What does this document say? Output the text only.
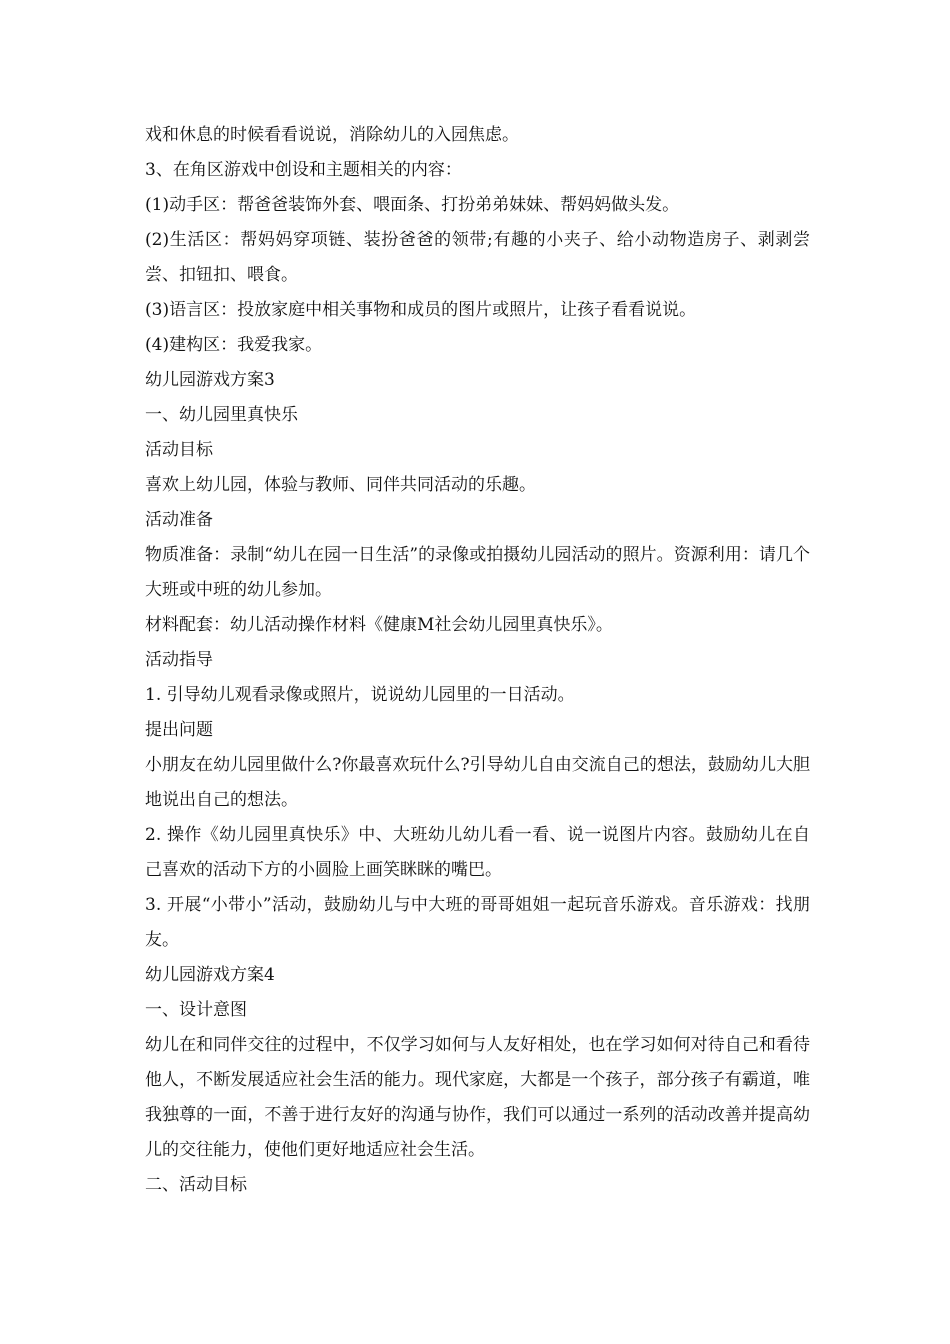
戏和休息的时候看看说说，消除幼儿的入园焦虑。

3、在角区游戏中创设和主题相关的内容：

(1)动手区：帮爸爸装饰外套、喂面条、打扮弟弟妹妹、帮妈妈做头发。

(2)生活区：帮妈妈穿项链、装扮爸爸的领带;有趣的小夹子、给小动物造房子、剥剥尝尝、扣钮扣、喂食。

(3)语言区：投放家庭中相关事物和成员的图片或照片，让孩子看看说说。

(4)建构区：我爱我家。

幼儿园游戏方案3

一、幼儿园里真快乐

活动目标

喜欢上幼儿园，体验与教师、同伴共同活动的乐趣。

活动准备

物质准备：录制“幼儿在园一日生活”的录像或拍摄幼儿园活动的照片。资源利用：请几个大班或中班的幼儿参加。

材料配套：幼儿活动操作材料《健康M社会幼儿园里真快乐》。

活动指导

1. 引导幼儿观看录像或照片，说说幼儿园里的一日活动。

提出问题

小朋友在幼儿园里做什么?你最喜欢玩什么?引导幼儿自由交流自己的想法，鼓励幼儿大胆地说出自己的想法。

2. 操作《幼儿园里真快乐》中、大班幼儿幼儿看一看、说一说图片内容。鼓励幼儿在自己喜欢的活动下方的小圆脸上画笑眯眯的嘴巴。

3. 开展“小带小”活动，鼓励幼儿与中大班的哥哥姐姐一起玩音乐游戏。音乐游戏：找朋友。

幼儿园游戏方案4

一、设计意图

幼儿在和同伴交往的过程中，不仅学习如何与人友好相处，也在学习如何对待自己和看待他人，不断发展适应社会生活的能力。现代家庭，大都是一个孩子，部分孩子有霸道，唯我独尊的一面，不善于进行友好的沟通与协作，我们可以通过一系列的活动改善并提高幼儿的交往能力，使他们更好地适应社会生活。

二、活动目标
